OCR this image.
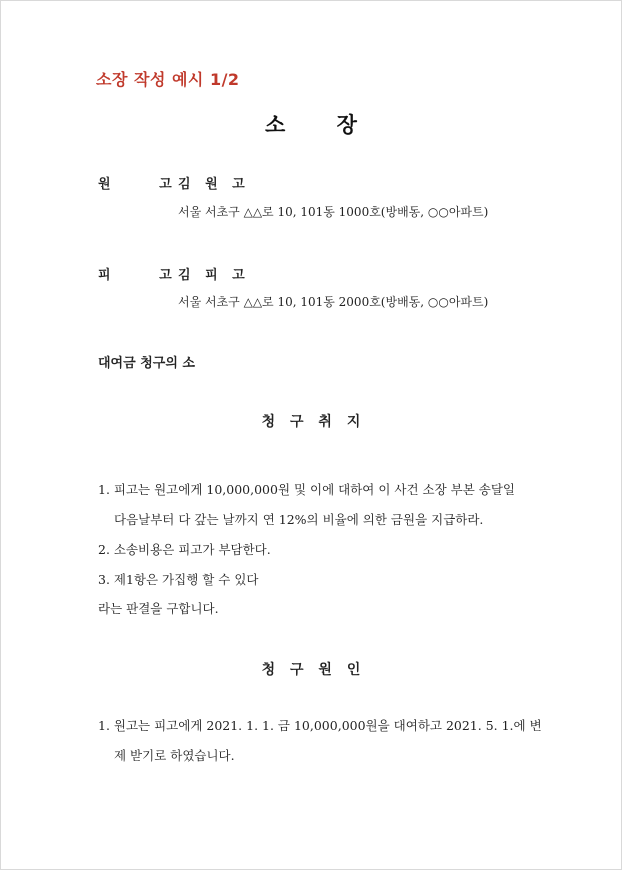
소장 작성 예시 1/2
소 장
원 고
김 원 고
서울 서초구 △△로 10, 101동 1000호(방배동, ○○아파트)
피 고
김 피 고
서울 서초구 △△로 10, 101동 2000호(방배동, ○○아파트)
대여금 청구의 소
청 구 취 지
1. 피고는 원고에게 10,000,000원 및 이에 대하여 이 사건 소장 부본 송달일
다음날부터 다 갚는 날까지 연 12%의 비율에 의한 금원을 지급하라.
2. 소송비용은 피고가 부담한다.
3. 제1항은 가집행 할 수 있다
라는 판결을 구합니다.
청 구 원 인
1. 원고는 피고에게 2021. 1. 1. 금 10,000,000원을 대여하고 2021. 5. 1.에 변
제 받기로 하였습니다.
